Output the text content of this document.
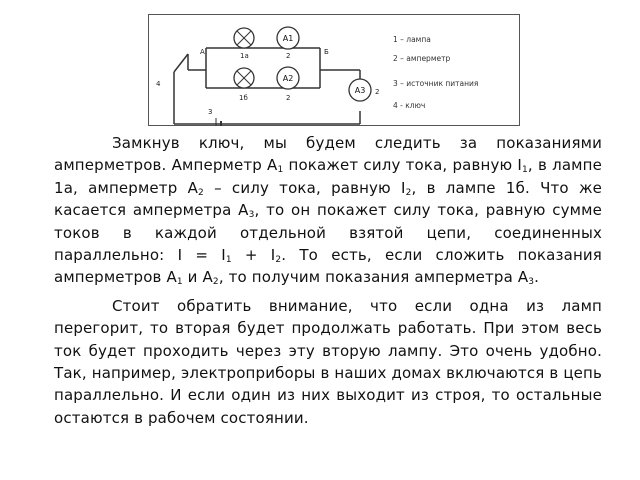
A1
A2
A3
А	Б
4
3
1а
1б
2
2
2
1 – лампа
2 – амперметр
3 – источник питания
4 - ключ

Замкнув ключ, мы будем следить за показаниями амперметров. Амперметр $А_1$ покажет силу тока, равную $I_1$, в лампе 1а, амперметр $А_2$ – силу тока, равную $I_2$, в лампе 1б. Что же касается амперметра $А_3$, то он покажет силу тока, равную сумме токов в каждой отдельной взятой цепи, соединенных параллельно: $I = I_1 + I_2$. То есть, если сложить показания амперметров $А_1$ и $А_2$, то получим показания амперметра $А_3$.

Стоит обратить внимание, что если одна из ламп перегорит, то вторая будет продолжать работать. При этом весь ток будет проходить через эту вторую лампу. Это очень удобно. Так, например, электроприборы в наших домах включаются в цепь параллельно. И если один из них выходит из строя, то остальные остаются в рабочем состоянии.
